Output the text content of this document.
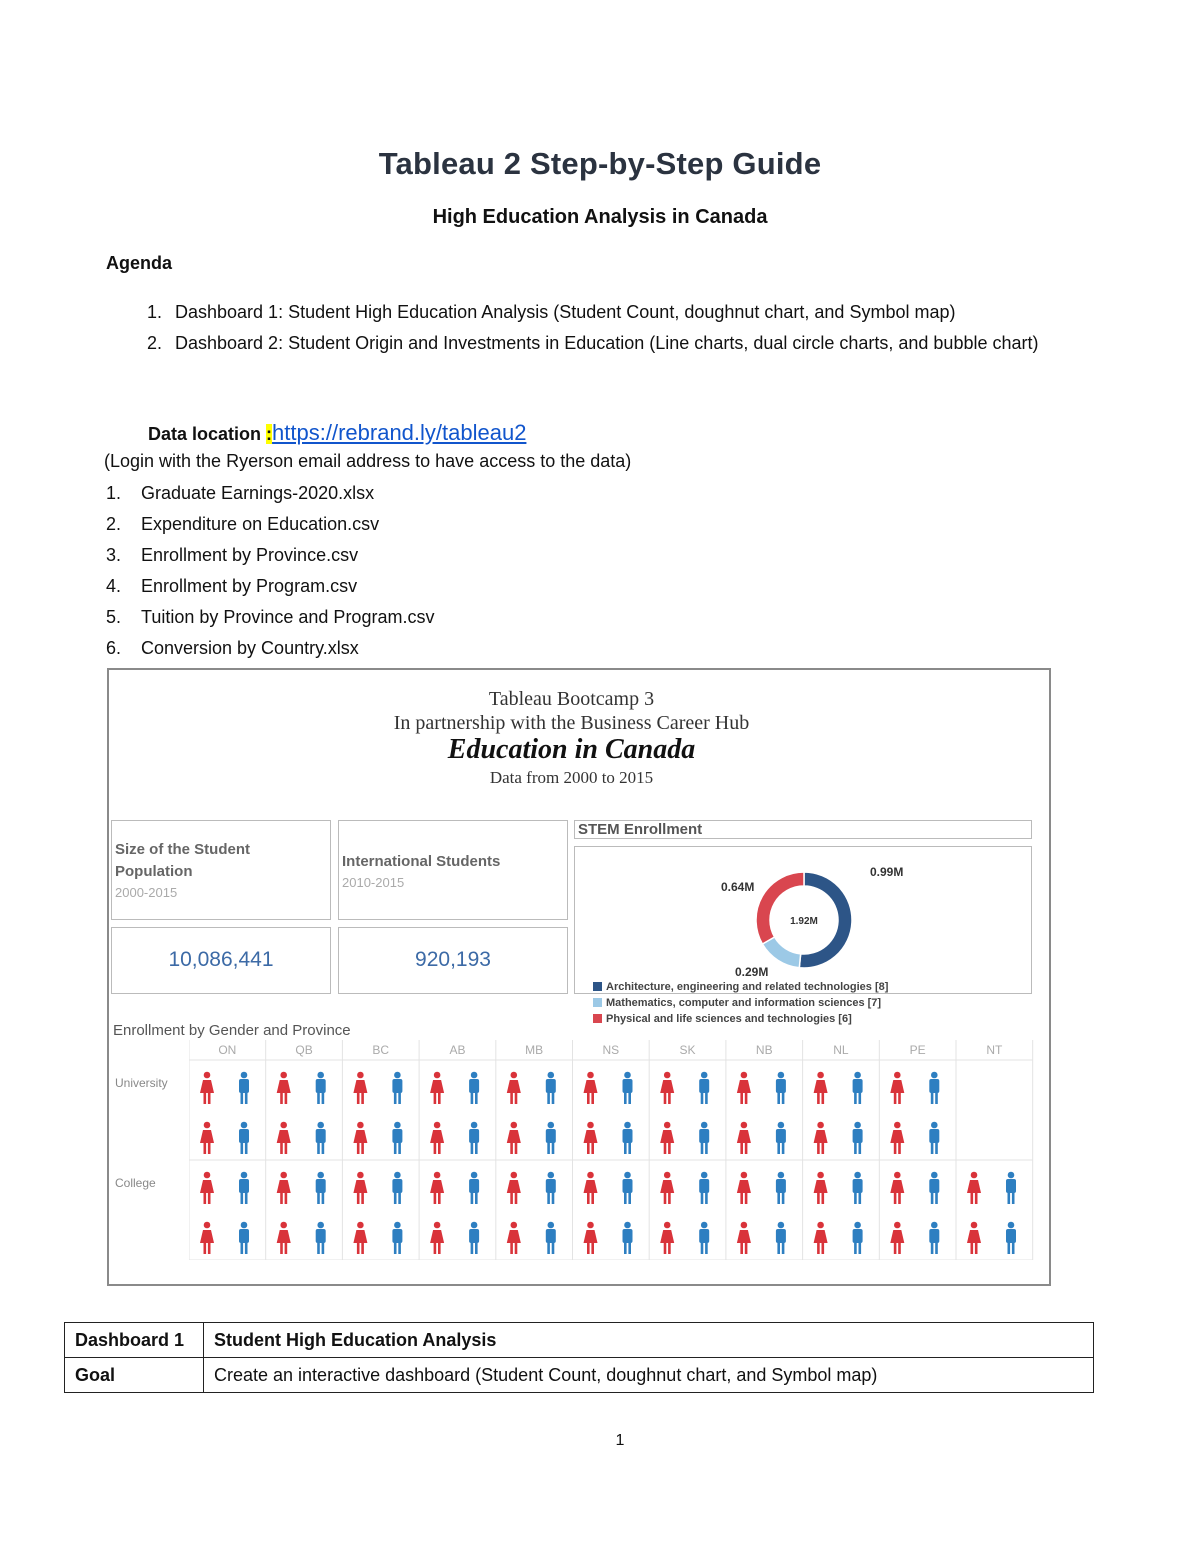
Tableau 2 Step-by-Step Guide
High Education Analysis in Canada
Agenda
1. Dashboard 1: Student High Education Analysis (Student Count, doughnut chart, and Symbol map)
2. Dashboard 2: Student Origin and Investments in Education (Line charts, dual circle charts, and bubble chart)
Data location :https://rebrand.ly/tableau2
(Login with the Ryerson email address to have access to the data)
1. Graduate Earnings-2020.xlsx
2. Expenditure on Education.csv
3. Enrollment by Province.csv
4. Enrollment by Program.csv
5. Tuition by Province and Program.csv
6. Conversion by Country.xlsx
Tableau Bootcamp 3
In partnership with the Business Career Hub
Education in Canada
Data from 2000 to 2015
Size of the Student Population
2000-2015
10,086,441
International Students
2010-2015
920,193
STEM Enrollment
1.92M
0.99M
0.29M
0.64M
Architecture, engineering and related technologies [8]
Mathematics, computer and information sciences [7]
Physical and life sciences and technologies [6]
Enrollment by Gender and Province
University
College
ON	QB	BC	AB	MB	NS	SK	NB	NL	PE	NT
Dashboard 1	Student High Education Analysis
Goal	Create an interactive dashboard (Student Count, doughnut chart, and Symbol map)
1
